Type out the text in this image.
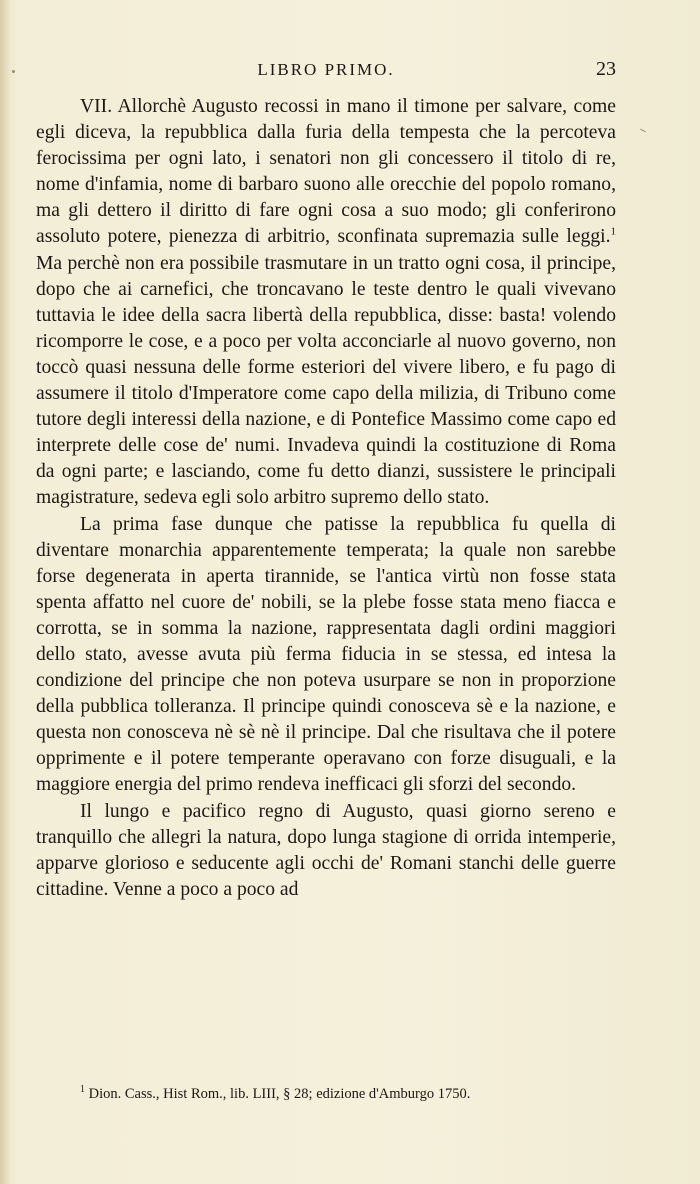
LIBRO PRIMO.	23

VII. Allorchè Augusto recossi in mano il timone per salvare, come egli diceva, la repubblica dalla furia della tempesta che la percoteva ferocissima per ogni lato, i senatori non gli concessero il titolo di re, nome d'infamia, nome di barbaro suono alle orecchie del popolo romano, ma gli dettero il diritto di fare ogni cosa a suo modo; gli conferirono assoluto potere, pienezza di arbitrio, sconfinata supremazia sulle leggi.$^1$ Ma perchè non era possibile trasmutare in un tratto ogni cosa, il principe, dopo che ai carnefici, che troncavano le teste dentro le quali vivevano tuttavia le idee della sacra libertà della repubblica, disse: basta! volendo ricomporre le cose, e a poco per volta acconciarle al nuovo governo, non toccò quasi nessuna delle forme esteriori del vivere libero, e fu pago di assumere il titolo d'Imperatore come capo della milizia, di Tribuno come tutore degli interessi della nazione, e di Pontefice Massimo come capo ed interprete delle cose de' numi. Invadeva quindi la costituzione di Roma da ogni parte; e lasciando, come fu detto dianzi, sussistere le principali magistrature, sedeva egli solo arbitro supremo dello stato.

La prima fase dunque che patisse la repubblica fu quella di diventare monarchia apparentemente temperata; la quale non sarebbe forse degenerata in aperta tirannide, se l'antica virtù non fosse stata spenta affatto nel cuore de' nobili, se la plebe fosse stata meno fiacca e corrotta, se in somma la nazione, rappresentata dagli ordini maggiori dello stato, avesse avuta più ferma fiducia in se stessa, ed intesa la condizione del principe che non poteva usurpare se non in proporzione della pubblica tolleranza. Il principe quindi conosceva sè e la nazione, e questa non conosceva nè sè nè il principe. Dal che risultava che il potere opprimente e il potere temperante operavano con forze disuguali, e la maggiore energia del primo rendeva inefficaci gli sforzi del secondo.

Il lungo e pacifico regno di Augusto, quasi giorno sereno e tranquillo che allegri la natura, dopo lunga stagione di orrida intemperie, apparve glorioso e seducente agli occhi de' Romani stanchi delle guerre cittadine. Venne a poco a poco ad

$^1$ Dion. Cass., Hist Rom., lib. LIII, § 28; edizione d'Amburgo 1750.
